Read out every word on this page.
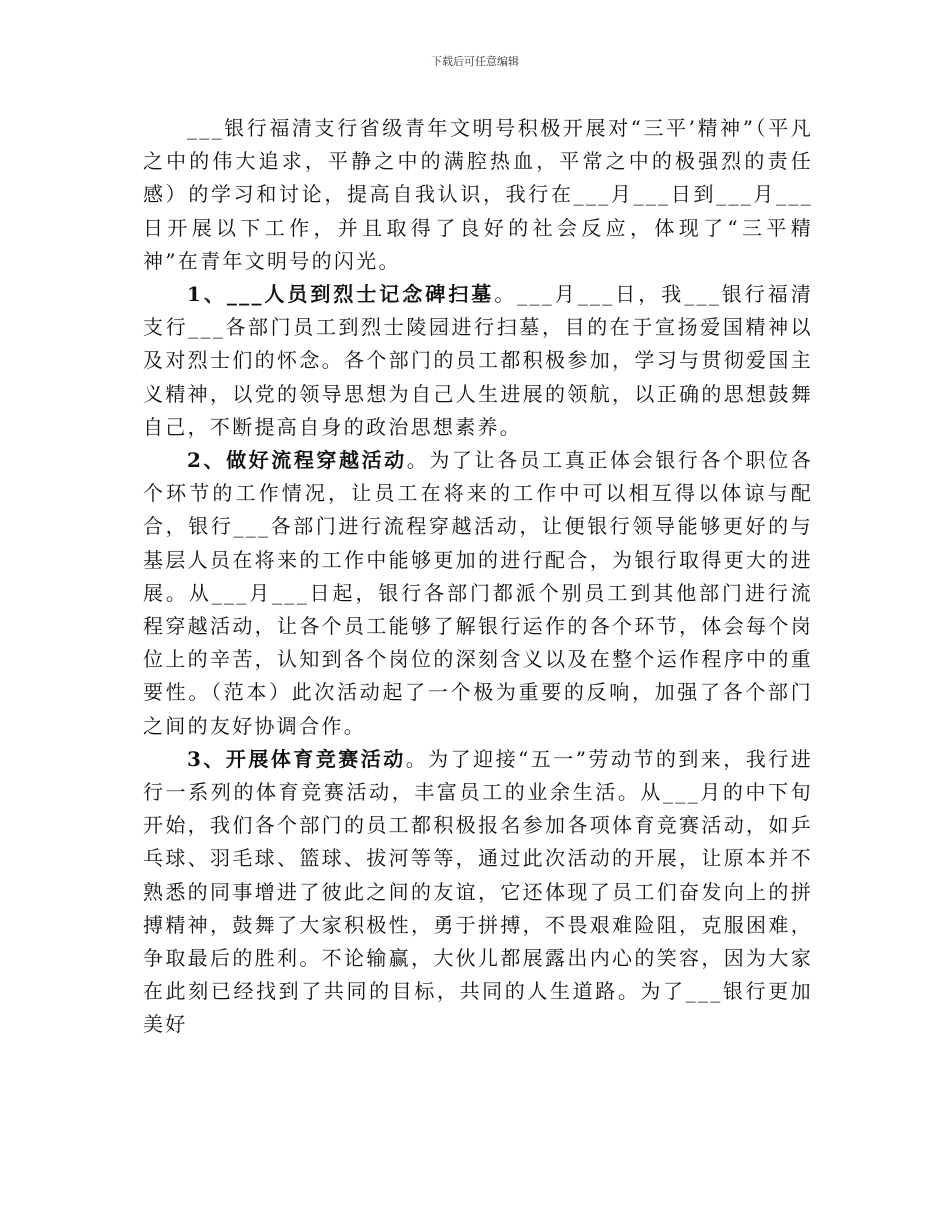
下载后可任意编辑

___银行福清支行省级青年文明号积极开展对“三平’精神”（平凡之中的伟大追求，平静之中的满腔热血，平常之中的极强烈的责任感）的学习和讨论，提高自我认识，我行在___月___日到___月___日开展以下工作，并且取得了良好的社会反应，体现了“三平精神”在青年文明号的闪光。

1、___人员到烈士记念碑扫墓。___月___日，我___银行福清支行___各部门员工到烈士陵园进行扫墓，目的在于宣扬爱国精神以及对烈士们的怀念。各个部门的员工都积极参加，学习与贯彻爱国主义精神，以党的领导思想为自己人生进展的领航，以正确的思想鼓舞自己，不断提高自身的政治思想素养。

2、做好流程穿越活动。为了让各员工真正体会银行各个职位各个环节的工作情况，让员工在将来的工作中可以相互得以体谅与配合，银行___各部门进行流程穿越活动，让便银行领导能够更好的与基层人员在将来的工作中能够更加的进行配合，为银行取得更大的进展。从___月___日起，银行各部门都派个别员工到其他部门进行流程穿越活动，让各个员工能够了解银行运作的各个环节，体会每个岗位上的辛苦，认知到各个岗位的深刻含义以及在整个运作程序中的重要性。（范本）此次活动起了一个极为重要的反响，加强了各个部门之间的友好协调合作。

3、开展体育竞赛活动。为了迎接“五一”劳动节的到来，我行进行一系列的体育竞赛活动，丰富员工的业余生活。从___月的中下旬开始，我们各个部门的员工都积极报名参加各项体育竞赛活动，如乒乓球、羽毛球、篮球、拔河等等，通过此次活动的开展，让原本并不熟悉的同事增进了彼此之间的友谊，它还体现了员工们奋发向上的拼搏精神，鼓舞了大家积极性，勇于拼搏，不畏艰难险阻，克服困难，争取最后的胜利。不论输赢，大伙儿都展露出内心的笑容，因为大家在此刻已经找到了共同的目标，共同的人生道路。为了___银行更加美好
